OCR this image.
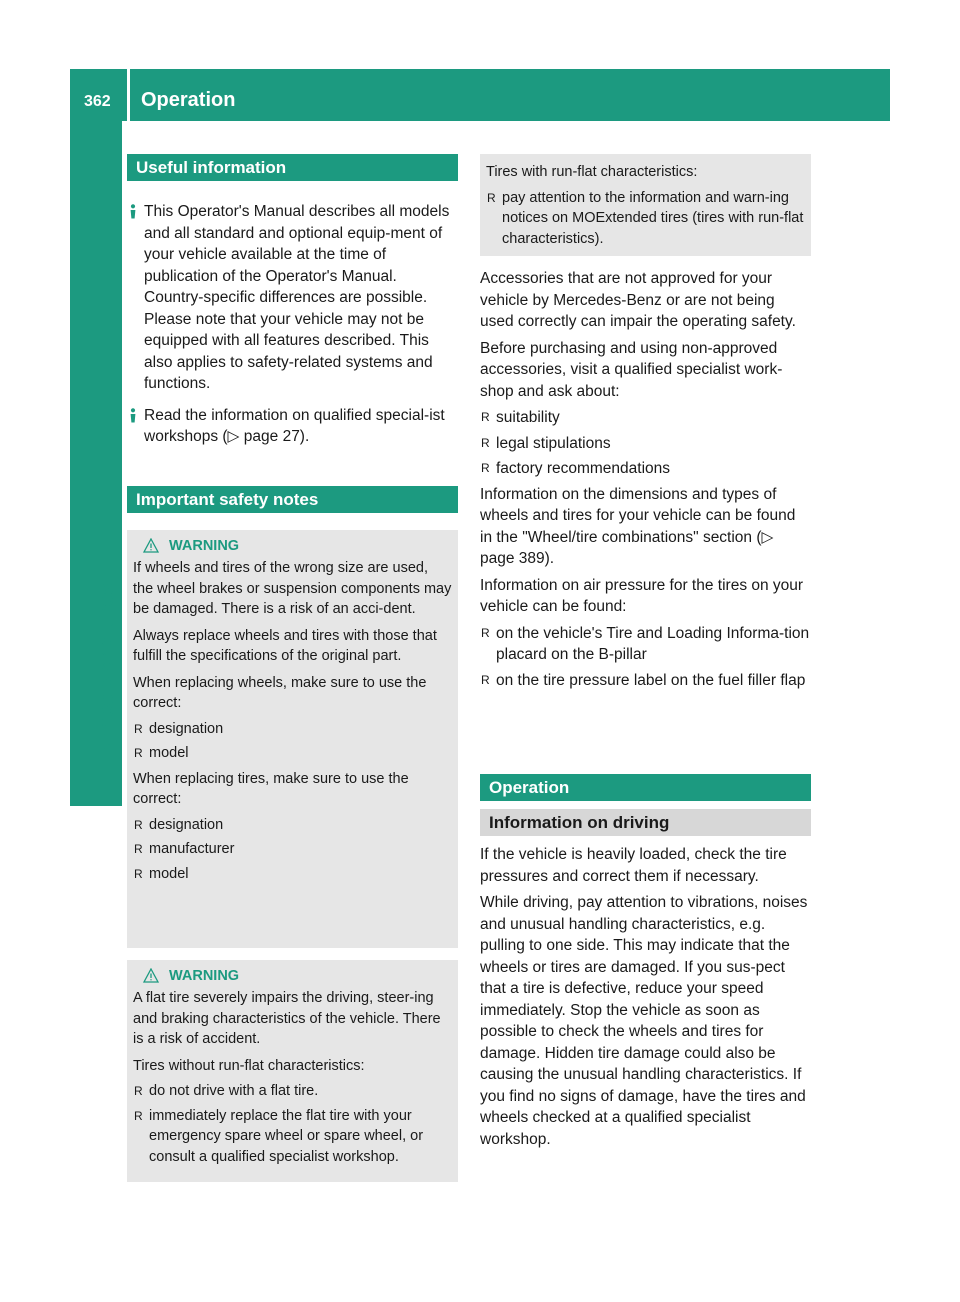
362 Operation
Wheels and tires
Useful information
This Operator's Manual describes all models and all standard and optional equip-ment of your vehicle available at the time of publication of the Operator's Manual. Country-specific differences are possible. Please note that your vehicle may not be equipped with all features described. This also applies to safety-related systems and functions.
Read the information on qualified special-ist workshops (▷ page 27).
Important safety notes
WARNING
If wheels and tires of the wrong size are used, the wheel brakes or suspension components may be damaged. There is a risk of an acci-dent.
Always replace wheels and tires with those that fulfill the specifications of the original part.
When replacing wheels, make sure to use the correct:
R designation
R model
When replacing tires, make sure to use the correct:
R designation
R manufacturer
R model
WARNING
A flat tire severely impairs the driving, steer-ing and braking characteristics of the vehicle. There is a risk of accident.
Tires without run-flat characteristics:
R do not drive with a flat tire.
R immediately replace the flat tire with your emergency spare wheel or spare wheel, or consult a qualified specialist workshop.
Tires with run-flat characteristics:
R pay attention to the information and warn-ing notices on MOExtended tires (tires with run-flat characteristics).
Accessories that are not approved for your vehicle by Mercedes-Benz or are not being used correctly can impair the operating safety.
Before purchasing and using non-approved accessories, visit a qualified specialist work-shop and ask about:
R suitability
R legal stipulations
R factory recommendations
Information on the dimensions and types of wheels and tires for your vehicle can be found in the "Wheel/tire combinations" section (▷ page 389).
Information on air pressure for the tires on your vehicle can be found:
R on the vehicle's Tire and Loading Informa-tion placard on the B-pillar
R on the tire pressure label on the fuel filler flap
Operation
Information on driving
If the vehicle is heavily loaded, check the tire pressures and correct them if necessary.
While driving, pay attention to vibrations, noises and unusual handling characteristics, e.g. pulling to one side. This may indicate that the wheels or tires are damaged. If you sus-pect that a tire is defective, reduce your speed immediately. Stop the vehicle as soon as possible to check the wheels and tires for damage. Hidden tire damage could also be causing the unusual handling characteristics. If you find no signs of damage, have the tires and wheels checked at a qualified specialist workshop.
